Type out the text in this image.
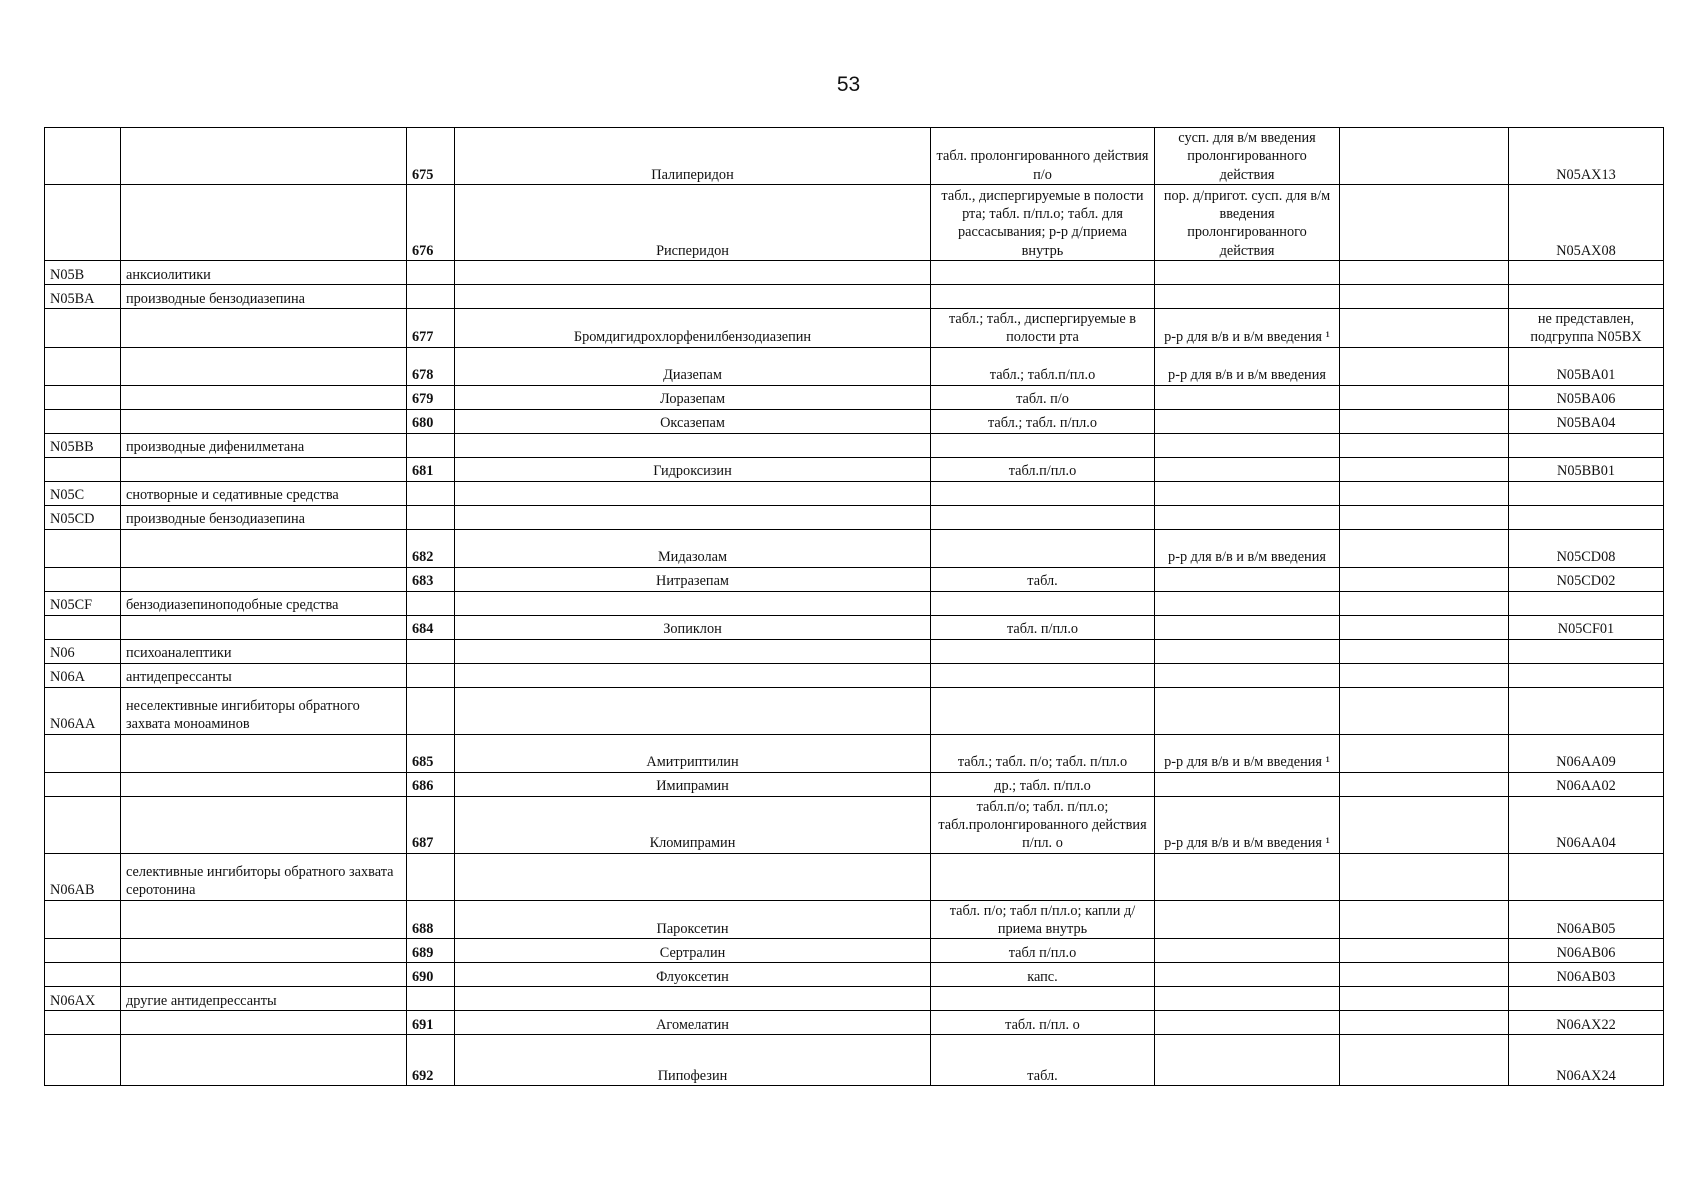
53
		675	Палиперидон	табл. пролонгированного действия п/о	сусп. для в/м введения пролонгированного действия		N05AX13
		676	Рисперидон	табл., диспергируемые в полости рта; табл. п/пл.о; табл. для рассасывания; р-р д/приема внутрь	пор. д/пригот. сусп. для в/м введения пролонгированного действия		N05AX08
N05B	анксиолитики						
N05BA	производные бензодиазепина						
		677	Бромдигидрохлорфенилбензодиазепин	табл.; табл., диспергируемые в полости рта	р-р для в/в и в/м введения ¹		не представлен, подгруппа N05BX
		678	Диазепам	табл.; табл.п/пл.о	р-р для в/в и в/м введения		N05BA01
		679	Лоразепам	табл. п/о			N05BA06
		680	Оксазепам	табл.; табл. п/пл.о			N05BA04
N05BB	производные дифенилметана						
		681	Гидроксизин	табл.п/пл.о			N05BB01
N05C	снотворные и седативные средства						
N05CD	производные бензодиазепина						
		682	Мидазолам		р-р для в/в и в/м введения		N05CD08
		683	Нитразепам	табл.			N05CD02
N05CF	бензодиазепиноподобные средства						
		684	Зопиклон	табл. п/пл.о			N05CF01
N06	психоаналептики						
N06A	антидепрессанты						
N06AA	неселективные ингибиторы обратного захвата моноаминов						
		685	Амитриптилин	табл.; табл. п/о; табл. п/пл.о	р-р для в/в и в/м введения ¹		N06AA09
		686	Имипрамин	др.; табл. п/пл.о			N06AA02
		687	Кломипрамин	табл.п/о; табл. п/пл.о; табл.пролонгированного действия п/пл. о	р-р для в/в и в/м введения ¹		N06AA04
N06AB	селективные ингибиторы обратного захвата серотонина						
		688	Пароксетин	табл. п/о; табл п/пл.о; капли д/приема внутрь			N06AB05
		689	Сертралин	табл п/пл.о			N06AB06
		690	Флуоксетин	капс.			N06AB03
N06AX	другие антидепрессанты						
		691	Агомелатин	табл. п/пл. о			N06AX22
		692	Пипофезин	табл.			N06AX24
